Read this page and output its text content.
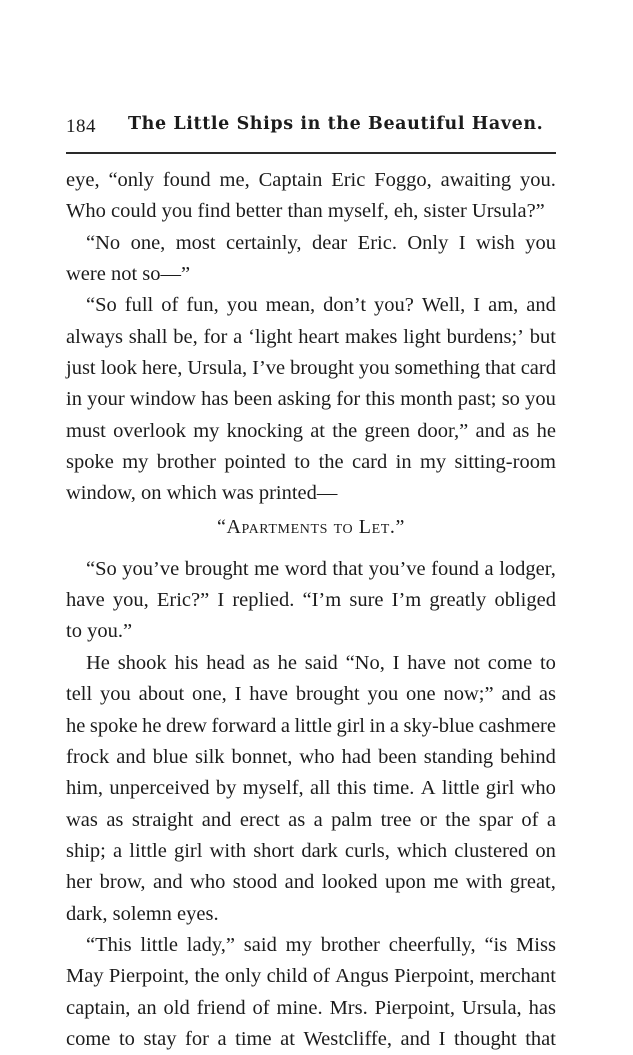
184 The Little Ships in the Beautiful Haven.
eye, “only found me, Captain Eric Foggo, awaiting you.
Who could you find better than myself, eh, sister Ursula?”
“No one, most certainly, dear Eric. Only I wish you
were not so—”
“So full of fun, you mean, don’t you? Well, I am, and
always shall be, for a ‘light heart makes light burdens;’ but
just look here, Ursula, I’ve brought you something that card
in your window has been asking for this month past; so you
must overlook my knocking at the green door,” and as he
spoke my brother pointed to the card in my sitting-room
window, on which was printed—
“Apartments to Let.”
“So you’ve brought me word that you’ve found a lodger,
have you, Eric?” I replied. “I’m sure I’m greatly obliged
to you.”
He shook his head as he said “No, I have not come to
tell you about one, I have brought you one now;” and as
he spoke he drew forward a little girl in a sky-blue cashmere
frock and blue silk bonnet, who had been standing behind
him, unperceived by myself, all this time. A little girl who
was as straight and erect as a palm tree or the spar of a
ship; a little girl with short dark curls, which clustered on
her brow, and who stood and looked upon me with great,
dark, solemn eyes.
“This little lady,” said my brother cheerfully, “is Miss
May Pierpoint, the only child of Angus Pierpoint, merchant
captain, an old friend of mine. Mrs. Pierpoint, Ursula, has
come to stay for a time at Westcliffe, and I thought that
